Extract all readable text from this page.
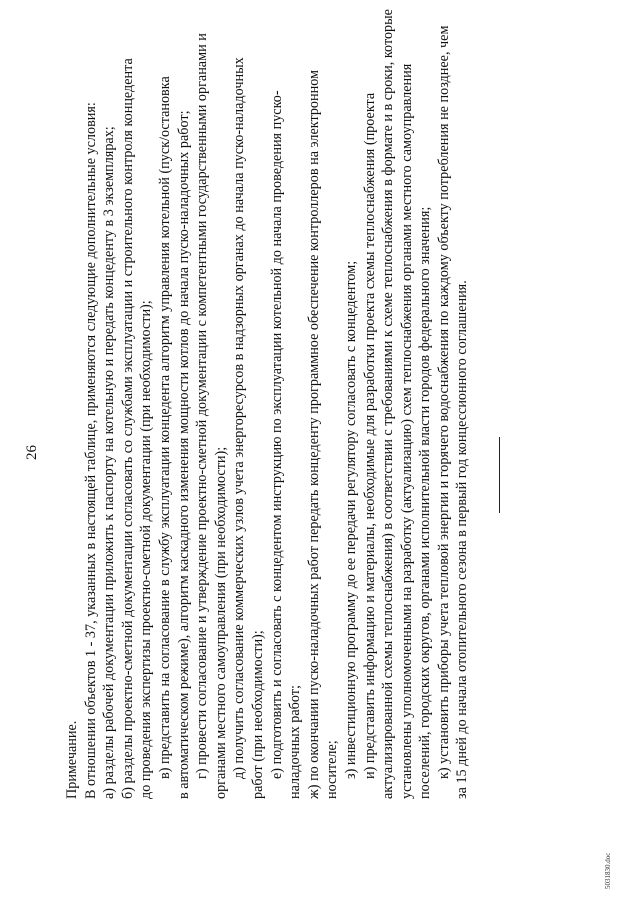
26
Примечание. В отношении объектов 1 - 37, указанных в настоящей таблице, применяются следующие дополнительные условия: а) разделы рабочей документации приложить к паспорту на котельную и передать концеденту в 3 экземплярах; б) разделы проектно-сметной документации согласовать со службами эксплуатации и строительного контроля концедента до проведения экспертизы проектно-сметной документации (при необходимости); в) представить на согласование в службу эксплуатации концедента алгоритм управления котельной (пуск/остановка в автоматическом режиме), алгоритм каскадного изменения мощности котлов до начала пуско-наладочных работ; г) провести согласование и утверждение проектно-сметной документации с компетентными государственными органами и органами местного самоуправления (при необходимости); д) получить согласование коммерческих узлов учета энергоресурсов в надзорных органах до начала пуско-наладочных работ (при необходимости); е) подготовить и согласовать с концедентом инструкцию по эксплуатации котельной до начала проведения пуско- наладочных работ; ж) по окончании пуско-наладочных работ передать концеденту программное обеспечение контроллеров на электронном носителе; з) инвестиционную программу до ее передачи регулятору согласовать с концедентом; и) представить информацию и материалы, необходимые для разработки проекта схемы теплоснабжения (проекта актуализированной схемы теплоснабжения) в соответствии с требованиями к схеме теплоснабжения в формате и в сроки, которые установлены уполномоченными на разработку (актуализацию) схем теплоснабжения органами местного самоуправления поселений, городских округов, органами исполнительной власти городов федерального значения; к) установить приборы учета тепловой энергии и горячего водоснабжения по каждому объекту потребления не позднее, чем за 15 дней до начала отопительного сезона в первый год концессионного соглашения.
5031830.doc
